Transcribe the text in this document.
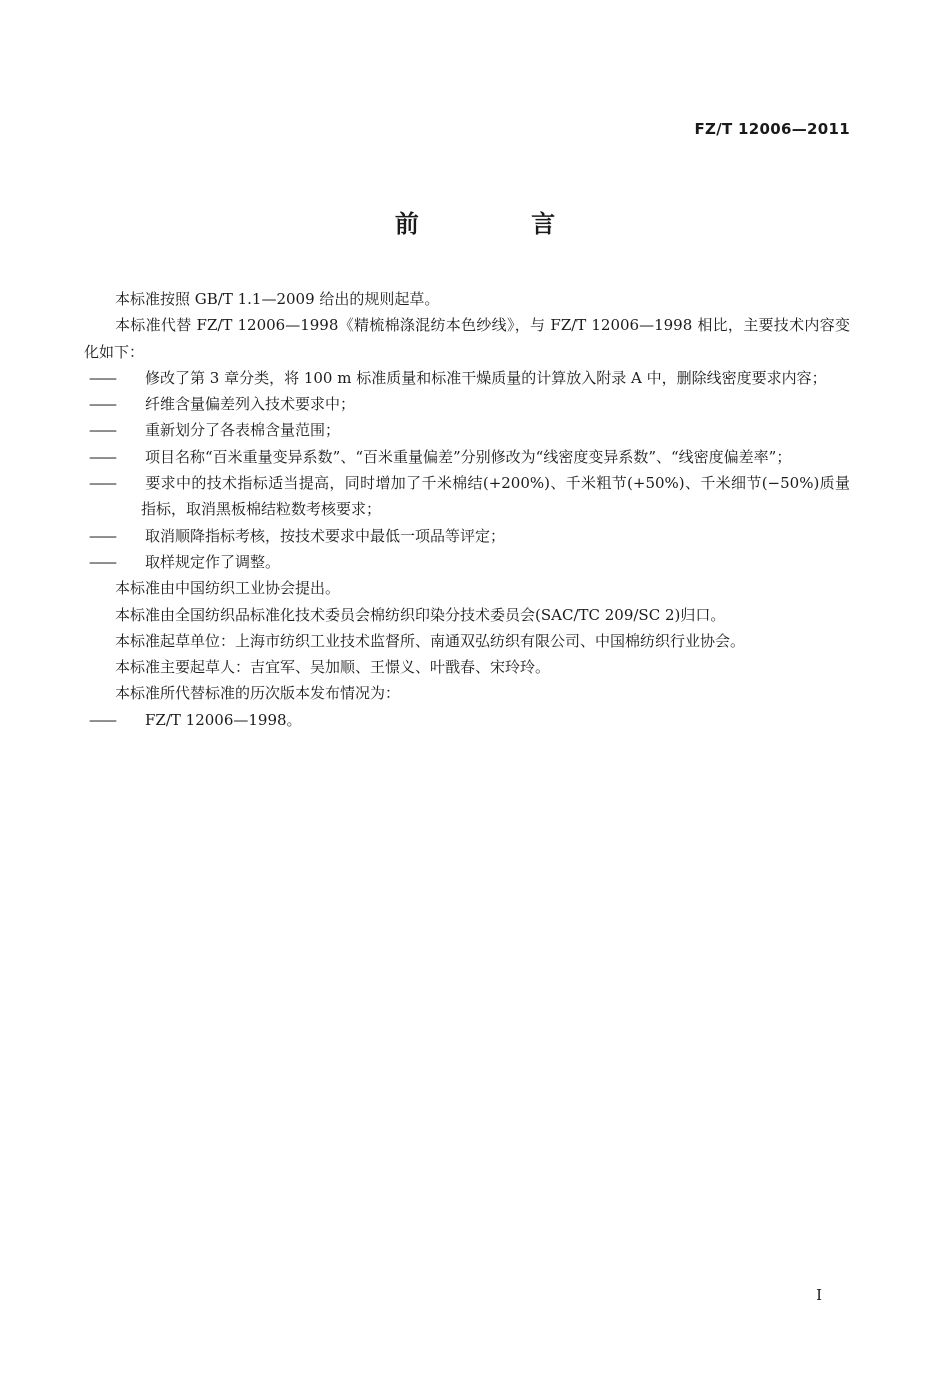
FZ/T 12006—2011
前 言

本标准按照 GB/T 1.1—2009 给出的规则起草。

本标准代替 FZ/T 12006—1998《精梳棉涤混纺本色纱线》，与 FZ/T 12006—1998 相比，主要技术内容变化如下：

—— 修改了第 3 章分类，将 100 m 标准质量和标准干燥质量的计算放入附录 A 中，删除线密度要求内容；

—— 纤维含量偏差列入技术要求中；

—— 重新划分了各表棉含量范围；

—— 项目名称“百米重量变异系数”、“百米重量偏差”分别修改为“线密度变异系数”、“线密度偏差率”；

—— 要求中的技术指标适当提高，同时增加了千米棉结(+200%)、千米粗节(+50%)、千米细节(−50%)质量指标，取消黑板棉结粒数考核要求；

—— 取消顺降指标考核，按技术要求中最低一项品等评定；

—— 取样规定作了调整。

本标准由中国纺织工业协会提出。

本标准由全国纺织品标准化技术委员会棉纺织印染分技术委员会(SAC/TC 209/SC 2)归口。

本标准起草单位：上海市纺织工业技术监督所、南通双弘纺织有限公司、中国棉纺织行业协会。

本标准主要起草人：吉宜军、吴加顺、王憬义、叶戬春、宋玲玲。

本标准所代替标准的历次版本发布情况为：

—— FZ/T 12006—1998。

I
